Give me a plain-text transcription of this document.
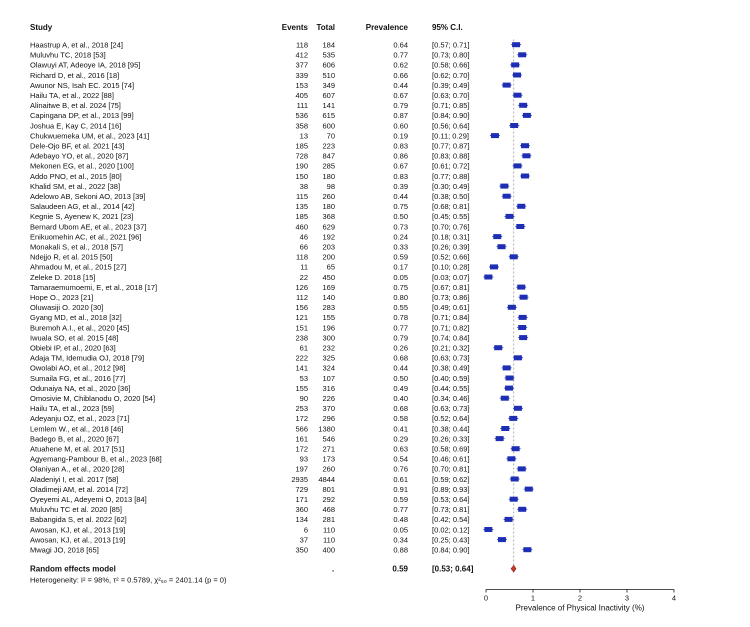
Study	Events Total	Prevalence	95% C.I.
Haastrup A, et al., 2018 [24]	118 184	0.64	[0.57; 0.71]
Muluvhu TC, 2018 [53]	412 535	0.77	[0.73; 0.80]
Olawuyi AT, Adeoye IA, 2018 [95]	377 606	0.62	[0.58; 0.66]
Richard D, et al., 2016 [18]	339 510	0.66	[0.62; 0.70]
Awunor NS, Isah EC. 2015 [74]	153 349	0.44	[0.39; 0.49]
Hailu TA, et al., 2022 [88]	405 607	0.67	[0.63; 0.70]
Alinaitwe B, et al. 2024 [75]	111 141	0.79	[0.71; 0.85]
Capingana DP, et al., 2013 [99]	536 615	0.87	[0.84; 0.90]
Joshua E, Kay C, 2014 [16]	358 600	0.60	[0.56; 0.64]
Chukwuemeka UM, et al., 2023 [41]	13 70	0.19	[0.11; 0.29]
Dele-Ojo BF, et al. 2021 [43]	185 223	0.83	[0.77; 0.87]
Adebayo YO, et al., 2020 [87]	728 847	0.86	[0.83; 0.88]
Mekonen EG, et al., 2020 [100]	190 285	0.67	[0.61; 0.72]
Addo PNO, et al., 2015 [80]	150 180	0.83	[0.77; 0.88]
Khalid SM, et al., 2022 [38]	38 98	0.39	[0.30; 0.49]
Adelowo AB, Sekoni AO, 2013 [39]	115 260	0.44	[0.38; 0.50]
Salaudeen AG, et al., 2014 [42]	135 180	0.75	[0.68; 0.81]
Kegnie S, Ayenew K, 2021 [23]	185 368	0.50	[0.45; 0.55]
Bernard Ubom AE, et al., 2023 [37]	460 629	0.73	[0.70; 0.76]
Enikuomehin AC, et al., 2021 [96]	46 192	0.24	[0.18; 0.31]
Monakali S, et al., 2018 [57]	66 203	0.33	[0.26; 0.39]
Ndejjo R, et al. 2015 [50]	118 200	0.59	[0.52; 0.66]
Ahmadou M, et al., 2015 [27]	11 65	0.17	[0.10; 0.28]
Zeleke D. 2018 [15]	22 450	0.05	[0.03; 0.07]
Tamaraemumoemi, E, et al., 2018 [17]	126 169	0.75	[0.67; 0.81]
Hope O., 2023 [21]	112 140	0.80	[0.73; 0.86]
Oluwasiji O. 2020 [30]	156 283	0.55	[0.49; 0.61]
Gyang MD, et al., 2018 [32]	121 155	0.78	[0.71; 0.84]
Buremoh A.I., et al., 2020 [45]	151 196	0.77	[0.71; 0.82]
Iwuala SO, et al. 2015 [48]	238 300	0.79	[0.74; 0.84]
Obiebi IP, et al., 2020 [63]	61 232	0.26	[0.21; 0.32]
Adaja TM, Idemudia OJ, 2018 [79]	222 325	0.68	[0.63; 0.73]
Owolabi AO, et al., 2012 [98]	141 324	0.44	[0.38; 0.49]
Sumaila FG, et al., 2016 [77]	53 107	0.50	[0.40; 0.59]
Odunaiya NA, et al., 2020 [36]	155 316	0.49	[0.44; 0.55]
Omosivie M, Chiblanodu O, 2020 [54]	90 226	0.40	[0.34; 0.46]
Hailu TA, et al., 2023 [59]	253 370	0.68	[0.63; 0.73]
Adeyanju OZ, et al., 2023 [71]	172 296	0.58	[0.52; 0.64]
Lemlem W., et al., 2018 [46]	566 1380	0.41	[0.38; 0.44]
Badego B, et al., 2020 [67]	161 546	0.29	[0.26; 0.33]
Atuahene M, et al. 2017 [51]	172 271	0.63	[0.58; 0.69]
Agyemang-Pambour B, et al., 2023 [68]	93 173	0.54	[0.46; 0.61]
Olaniyan A., et al., 2020 [28]	197 260	0.76	[0.70; 0.81]
Aladeniyi I, et al. 2017 [58]	2935 4844	0.61	[0.59; 0.62]
Oladimeji AM, et al. 2014 [72]	729 801	0.91	[0.89; 0.93]
Oyeyemi AL, Adeyemi O, 2013 [84]	171 292	0.59	[0.53; 0.64]
Muluvhu TC et al. 2020 [85]	360 468	0.77	[0.73; 0.81]
Babangida S, et al. 2022 [62]	134 281	0.48	[0.42; 0.54]
Awosan, KJ, et al., 2013 [19]	6 110	0.05	[0.02; 0.12]
Awosan, KJ, et al., 2013 [19]	37 110	0.34	[0.25; 0.43]
Mwagi JO, 2018 [65]	350 400	0.88	[0.84; 0.90]
Random effects model	.	0.59	[0.53; 0.64]
Heterogeneity: I² = 98%, τ² = 0.5789, χ²₅₀ = 2401.14 (p = 0)
0	1	2	3	4
Prevalence of Physical Inactivity (%)
